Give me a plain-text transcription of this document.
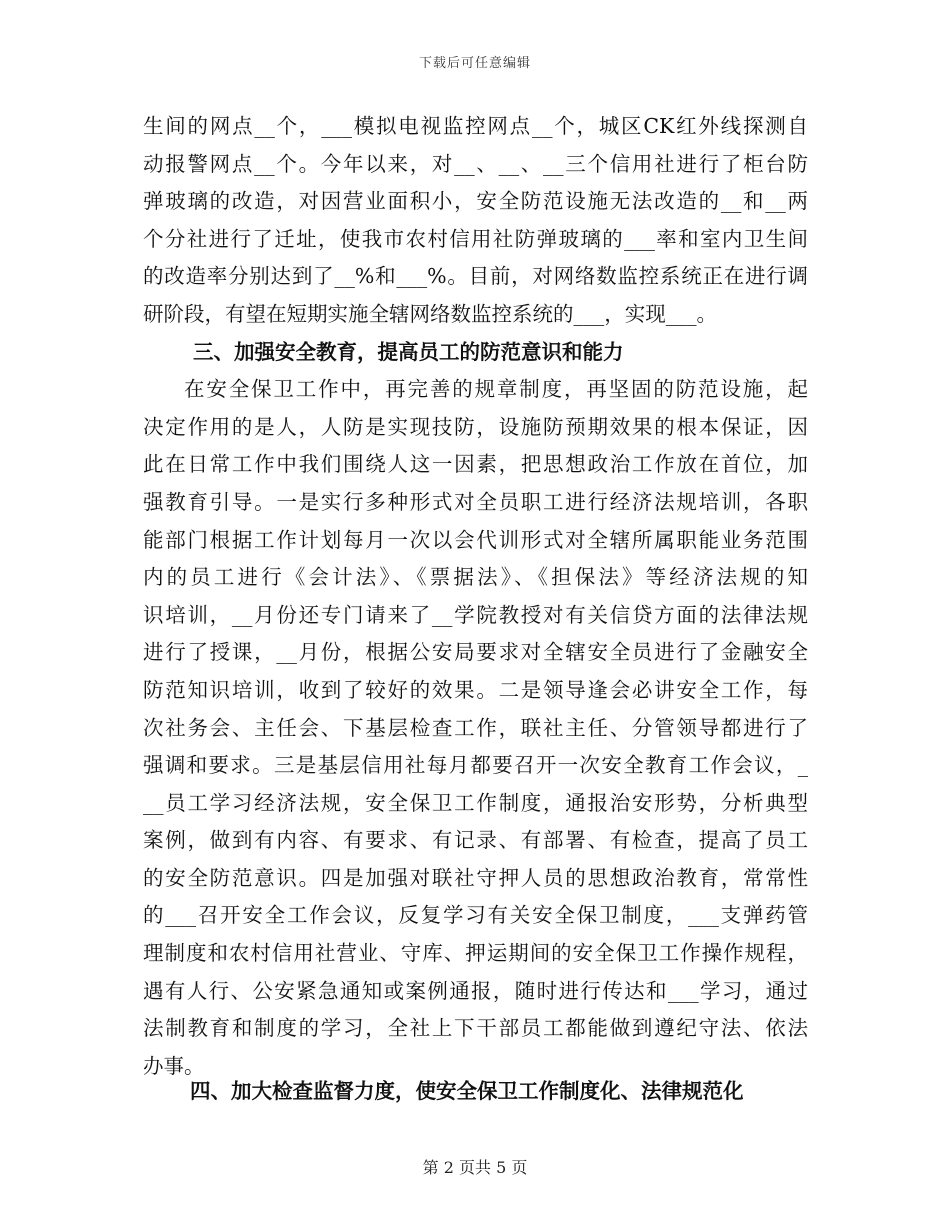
下载后可任意编辑
生间的网点__个，___模拟电视监控网点__个，城区CK红外线探测自
动报警网点__个。今年以来，对__、__、__三个信用社进行了柜台防
弹玻璃的改造，对因营业面积小，安全防范设施无法改造的__和__两
个分社进行了迁址，使我市农村信用社防弹玻璃的___率和室内卫生间
的改造率分别达到了__%和___%。目前，对网络数监控系统正在进行调
研阶段，有望在短期实施全辖网络数监控系统的___，实现___。
三、加强安全教育，提高员工的防范意识和能力
在安全保卫工作中，再完善的规章制度，再坚固的防范设施，起
决定作用的是人，人防是实现技防，设施防预期效果的根本保证，因
此在日常工作中我们围绕人这一因素，把思想政治工作放在首位，加
强教育引导。一是实行多种形式对全员职工进行经济法规培训，各职
能部门根据工作计划每月一次以会代训形式对全辖所属职能业务范围
内的员工进行《会计法》、《票据法》、《担保法》等经济法规的知
识培训，__月份还专门请来了__学院教授对有关信贷方面的法律法规
进行了授课，__月份，根据公安局要求对全辖安全员进行了金融安全
防范知识培训，收到了较好的效果。二是领导逢会必讲安全工作，每
次社务会、主任会、下基层检查工作，联社主任、分管领导都进行了
强调和要求。三是基层信用社每月都要召开一次安全教育工作会议，_
__员工学习经济法规，安全保卫工作制度，通报治安形势，分析典型
案例，做到有内容、有要求、有记录、有部署、有检查，提高了员工
的安全防范意识。四是加强对联社守押人员的思想政治教育，常常性
的___召开安全工作会议，反复学习有关安全保卫制度，___支弹药管
理制度和农村信用社营业、守库、押运期间的安全保卫工作操作规程，
遇有人行、公安紧急通知或案例通报，随时进行传达和___学习，通过
法制教育和制度的学习，全社上下干部员工都能做到遵纪守法、依法
办事。
四、加大检查监督力度，使安全保卫工作制度化、法律规范化
第 2 页共 5 页
